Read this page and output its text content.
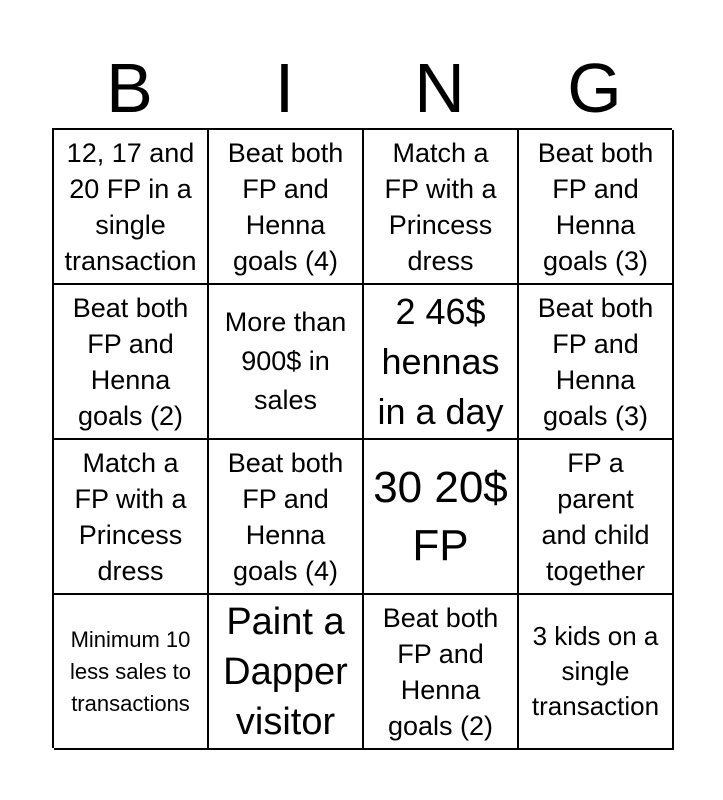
B	I	N	G
12, 17 and
20 FP in a
single
transaction
Beat both
FP and
Henna
goals (4)
Match a
FP with a
Princess
dress
Beat both
FP and
Henna
goals (3)
Beat both
FP and
Henna
goals (2)
More than
900$ in
sales
2 46$
hennas
in a day
Beat both
FP and
Henna
goals (3)
Match a
FP with a
Princess
dress
Beat both
FP and
Henna
goals (4)
30 20$
FP
FP a
parent
and child
together
Minimum 10
less sales to
transactions
Paint a
Dapper
visitor
Beat both
FP and
Henna
goals (2)
3 kids on a
single
transaction
